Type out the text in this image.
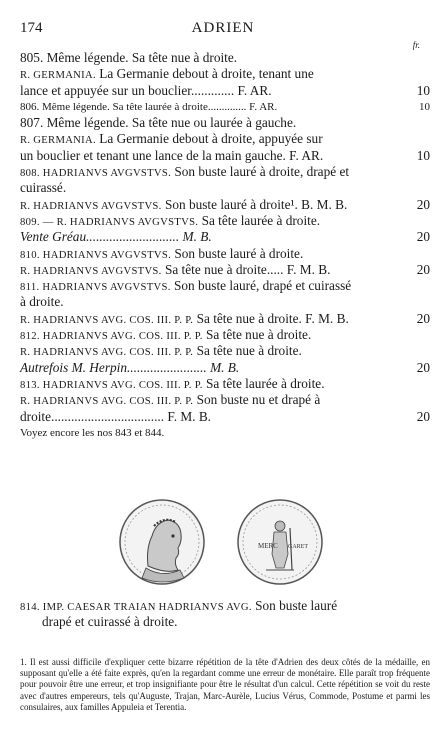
174	ADRIEN
fr.
805. Même légende. Sa tête nue à droite.
R. GERMANIA. La Germanie debout à droite, tenant une
lance et appuyée sur un bouclier............. F. AR.	10
806. Même légende. Sa tête laurée à droite.............. F. AR.	10
807. Même légende. Sa tête nue ou laurée à gauche.
R. GERMANIA. La Germanie debout à droite, appuyée sur
un bouclier et tenant une lance de la main gauche. F. AR.	10
808. HADRIANVS AVGVSTVS. Son buste lauré à droite, drapé et
cuirassé.
R. HADRIANVS AVGVSTVS. Son buste lauré à droite¹. B. M. B.	20
809. — R. HADRIANVS AVGVSTVS. Sa tête laurée à droite.
Vente Gréau............................ M. B.	20
810. HADRIANVS AVGVSTVS. Son buste lauré à droite.
R. HADRIANVS AVGVSTVS. Sa tête nue à droite..... F. M. B.	20
811. HADRIANVS AVGVSTVS. Son buste lauré, drapé et cuirassé
à droite.
R. HADRIANVS AVG. COS. III. P. P. Sa tête nue à droite. F. M. B.	20
812. HADRIANVS AVG. COS. III. P. P. Sa tête nue à droite.
R. HADRIANVS AVG. COS. III. P. P. Sa tête nue à droite.
Autrefois M. Herpin........................ M. B.	20
813. HADRIANVS AVG. COS. III. P. P. Sa tête laurée à droite.
R. HADRIANVS AVG. COS. III. P. P. Son buste nu et drapé à
droite.................................. F. M. B.	20
Voyez encore les nos 843 et 844.
MERC GARET
814. IMP. CAESAR TRAIAN HADRIANVS AVG. Son buste lauré
drapé et cuirassé à droite.
1. Il est aussi difficile d'expliquer cette bizarre répétition de la tête d'Adrien des deux côtés de la médaille, en supposant qu'elle a été faite exprès, qu'en la regardant comme une erreur de monétaire. Elle paraît trop fréquente pour pouvoir être une erreur, et trop insignifiante pour être le résultat d'un calcul. Cette répétition se voit du reste avec d'autres empereurs, tels qu'Auguste, Trajan, Marc-Aurèle, Lucius Vérus, Commode, Postume et parmi les consulaires, aux familles Appuleia et Terentia.
